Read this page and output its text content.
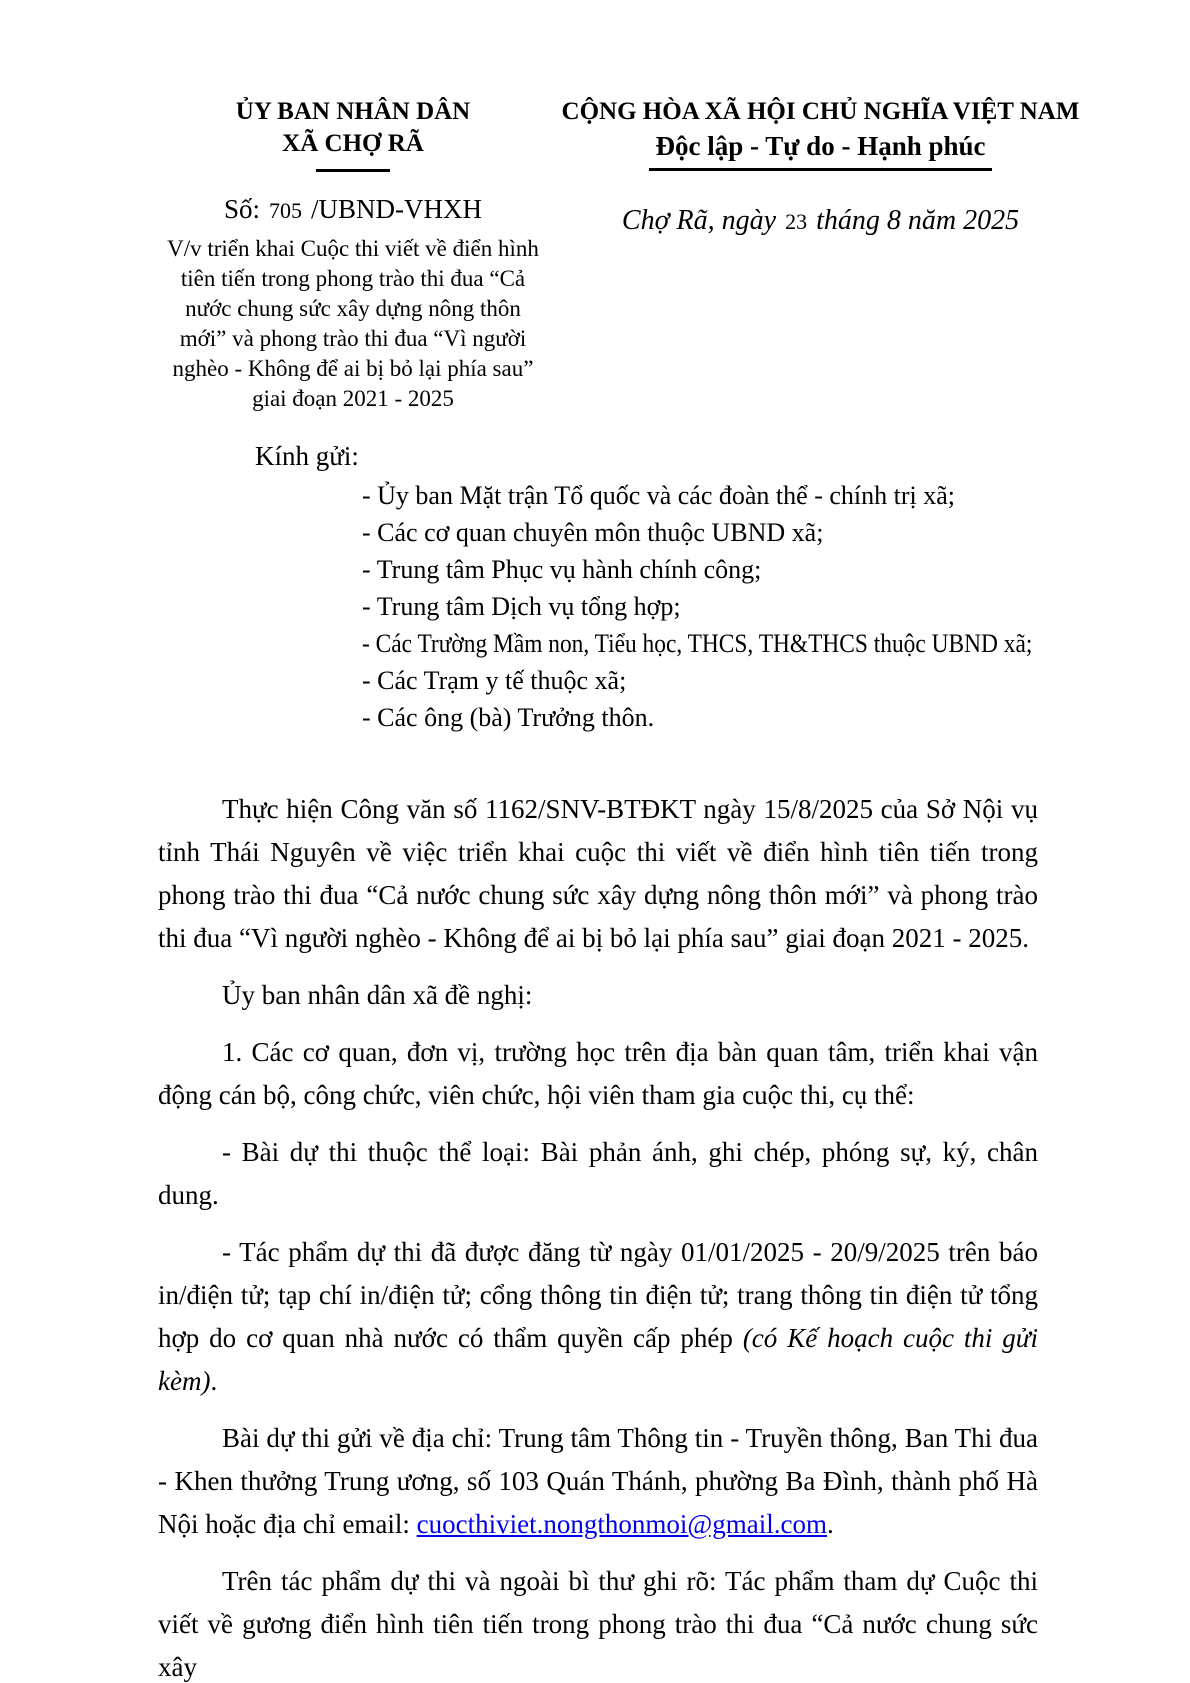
ỦY BAN NHÂN DÂN
XÃ CHỢ RÃ
Số: 705 /UBND-VHXH
V/v triển khai Cuộc thi viết về điển hình
tiên tiến trong phong trào thi đua “Cả
nước chung sức xây dựng nông thôn
mới” và phong trào thi đua “Vì người
nghèo - Không để ai bị bỏ lại phía sau”
giai đoạn 2021 - 2025
CỘNG HÒA XÃ HỘI CHỦ NGHĨA VIỆT NAM
Độc lập - Tự do - Hạnh phúc
Chợ Rã, ngày 23 tháng 8 năm 2025
Kính gửi:
- Ủy ban Mặt trận Tổ quốc và các đoàn thể - chính trị xã;
- Các cơ quan chuyên môn thuộc UBND xã;
- Trung tâm Phục vụ hành chính công;
- Trung tâm Dịch vụ tổng hợp;
- Các Trường Mầm non, Tiểu học, THCS, TH&THCS thuộc UBND xã;
- Các Trạm y tế thuộc xã;
- Các ông (bà) Trưởng thôn.

Thực hiện Công văn số 1162/SNV-BTĐKT ngày 15/8/2025 của Sở Nội vụ tỉnh Thái Nguyên về việc triển khai cuộc thi viết về điển hình tiên tiến trong phong trào thi đua “Cả nước chung sức xây dựng nông thôn mới” và phong trào thi đua “Vì người nghèo - Không để ai bị bỏ lại phía sau” giai đoạn 2021 - 2025.

Ủy ban nhân dân xã đề nghị:

1. Các cơ quan, đơn vị, trường học trên địa bàn quan tâm, triển khai vận động cán bộ, công chức, viên chức, hội viên tham gia cuộc thi, cụ thể:

- Bài dự thi thuộc thể loại: Bài phản ánh, ghi chép, phóng sự, ký, chân dung.

- Tác phẩm dự thi đã được đăng từ ngày 01/01/2025 - 20/9/2025 trên báo in/điện tử; tạp chí in/điện tử; cổng thông tin điện tử; trang thông tin điện tử tổng hợp do cơ quan nhà nước có thẩm quyền cấp phép (có Kế hoạch cuộc thi gửi kèm).

Bài dự thi gửi về địa chỉ: Trung tâm Thông tin - Truyền thông, Ban Thi đua - Khen thưởng Trung ương, số 103 Quán Thánh, phường Ba Đình, thành phố Hà Nội hoặc địa chỉ email: cuocthiviet.nongthonmoi@gmail.com.

Trên tác phẩm dự thi và ngoài bì thư ghi rõ: Tác phẩm tham dự Cuộc thi viết về gương điển hình tiên tiến trong phong trào thi đua “Cả nước chung sức xây
